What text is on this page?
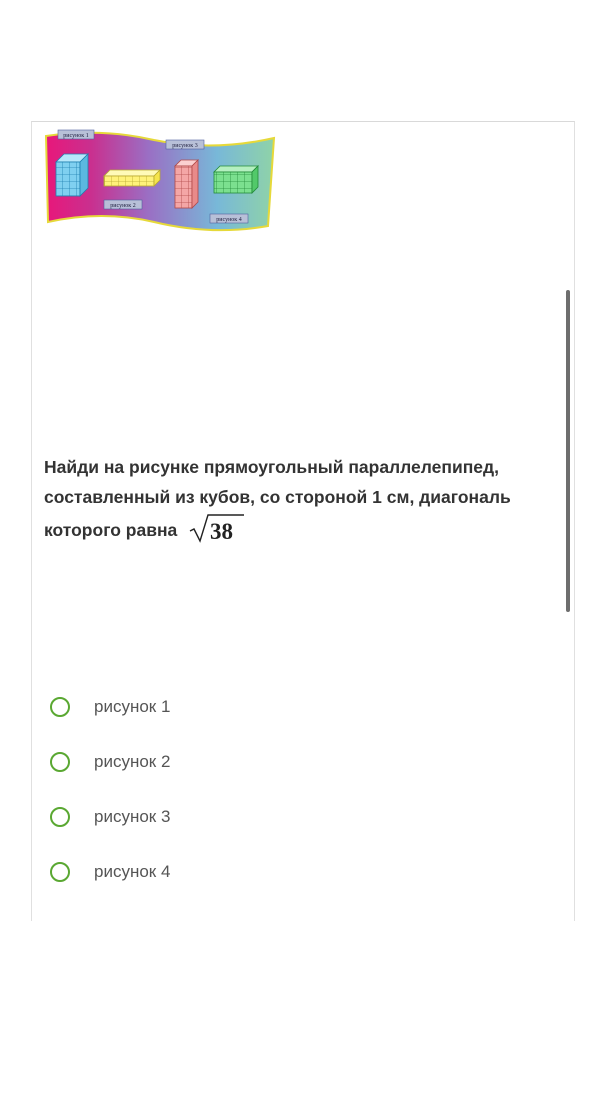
рисунок 1
рисунок 3
рисунок 2
рисунок 4
Найди на рисунке прямоугольный параллелепипед, составленный из кубов, со стороной 1 см, диагональ которого равна 38
рисунок 1
рисунок 2
рисунок 3
рисунок 4
